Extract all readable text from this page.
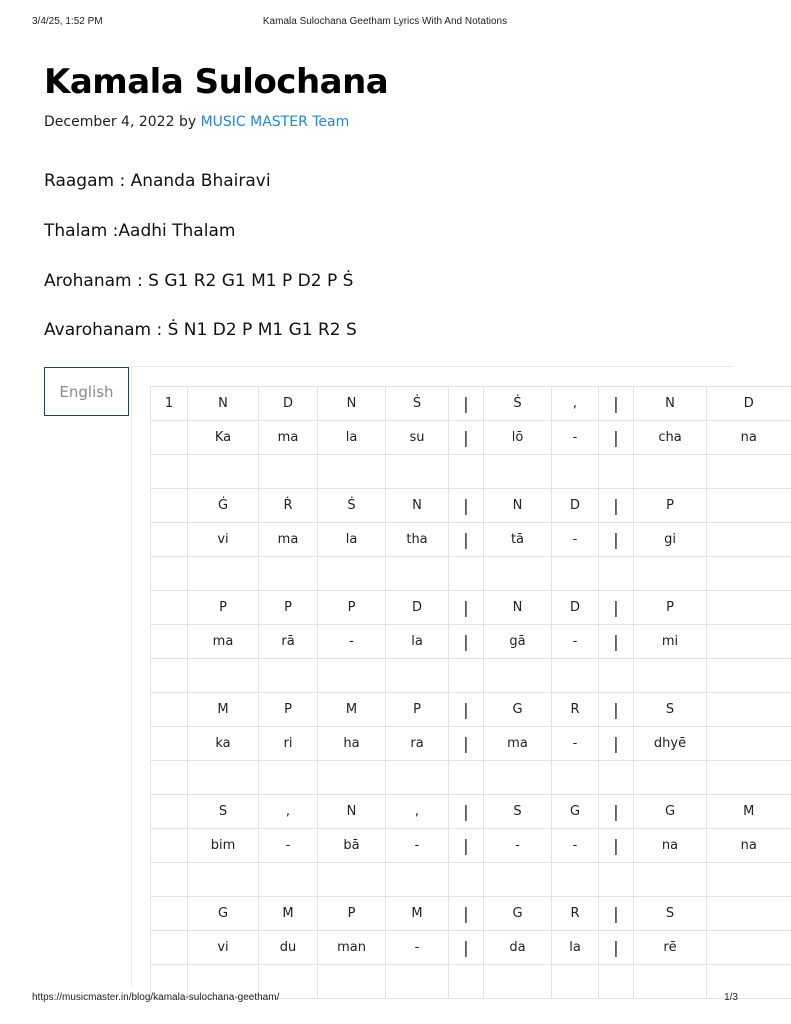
3/4/25, 1:52 PM	Kamala Sulochana Geetham Lyrics With And Notations
Kamala Sulochana
December 4, 2022 by MUSIC MASTER Team

Raagam : Ananda Bhairavi

Thalam :Aadhi Thalam

Arohanam : S G1 R2 G1 M1 P D2 P Ṡ

Avarohanam : Ṡ N1 D2 P M1 G1 R2 S

English
1	N	D	N	Ṡ	|	Ṡ	,	|	N	D
	Ka	ma	la	su	|	lō	-	|	cha	na

	Ġ	Ṙ	Ṡ	N	|	N	D	|	P	
	vi	ma	la	tha	|	tā	-	|	gi	

	P	P	P	D	|	N	D	|	P	
	ma	rā	-	la	|	gā	-	|	mi	

	M	P	M	P	|	G	R	|	S	
	ka	ri	ha	ra	|	ma	-	|	dhyē	

	S	,	N	,	|	S	G	|	G	M
	bim	-	bā	-	|	-	-	|	na	na

	G	M	P	M	|	G	R	|	S	
	vi	du	man	-	|	da	la	|	rē	

https://musicmaster.in/blog/kamala-sulochana-geetham/	1/3
